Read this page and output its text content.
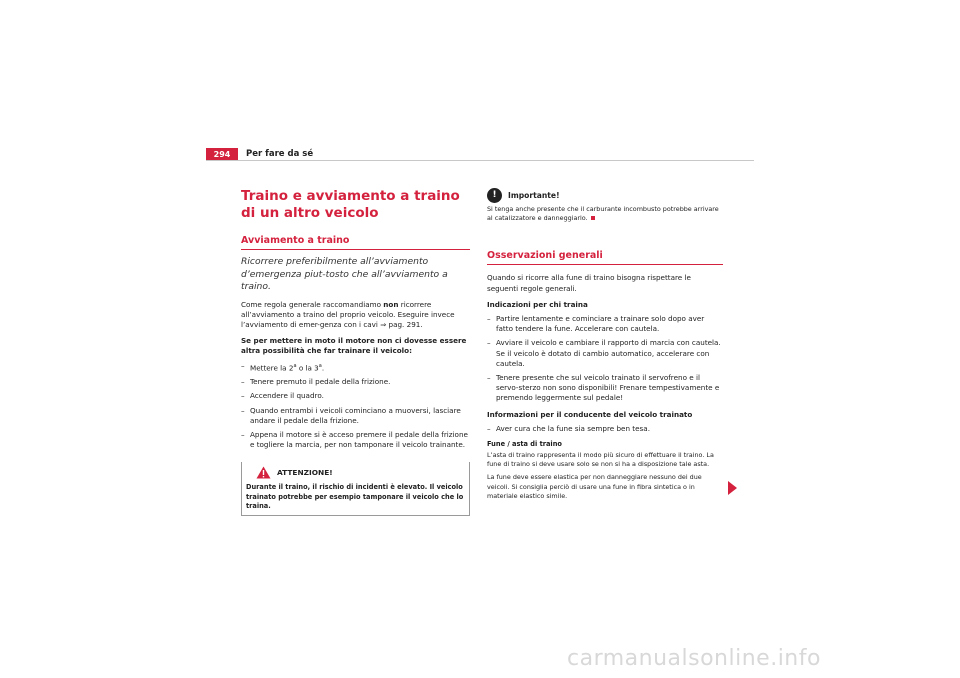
294	Per fare da sé
Traino e avviamento a traino di un altro veicolo
Avviamento a traino
Ricorrere preferibilmente all’avviamento d’emergenza piut-tosto che all’avviamento a traino.

Come regola generale raccomandiamo non ricorrere all’avviamento a traino del proprio veicolo. Eseguire invece l’avviamento di emer-genza con i cavi ⇒ pag. 291.

Se per mettere in moto il motore non ci dovesse essere altra possibilità che far trainare il veicolo:

– Mettere la 2$^a$ o la 3$^a$.
– Tenere premuto il pedale della frizione.
– Accendere il quadro.
– Quando entrambi i veicoli cominciano a muoversi, lasciare andare il pedale della frizione.
– Appena il motore si è acceso premere il pedale della frizione e togliere la marcia, per non tamponare il veicolo trainante.
ATTENZIONE!
Durante il traino, il rischio di incidenti è elevato. Il veicolo trainato potrebbe per esempio tamponare il veicolo che lo traina.
!	Importante!
Si tenga anche presente che il carburante incombusto potrebbe arrivare al catalizzatore e danneggiarlo.
Osservazioni generali

Quando si ricorre alla fune di traino bisogna rispettare le seguenti regole generali.

Indicazioni per chi traina

– Partire lentamente e cominciare a trainare solo dopo aver fatto tendere la fune. Accelerare con cautela.
– Avviare il veicolo e cambiare il rapporto di marcia con cautela. Se il veicolo è dotato di cambio automatico, accelerare con cautela.
– Tenere presente che sul veicolo trainato il servofreno e il servo-sterzo non sono disponibili! Frenare tempestivamente e premendo leggermente sul pedale!

Informazioni per il conducente del veicolo trainato

– Aver cura che la fune sia sempre ben tesa.
Fune / asta di traino
L’asta di traino rappresenta il modo più sicuro di effettuare il traino. La fune di traino si deve usare solo se non si ha a disposizione tale asta.
La fune deve essere elastica per non danneggiare nessuno dei due veicoli. Si consiglia perciò di usare una fune in fibra sintetica o in materiale elastico simile.
carmanualsonline.info
